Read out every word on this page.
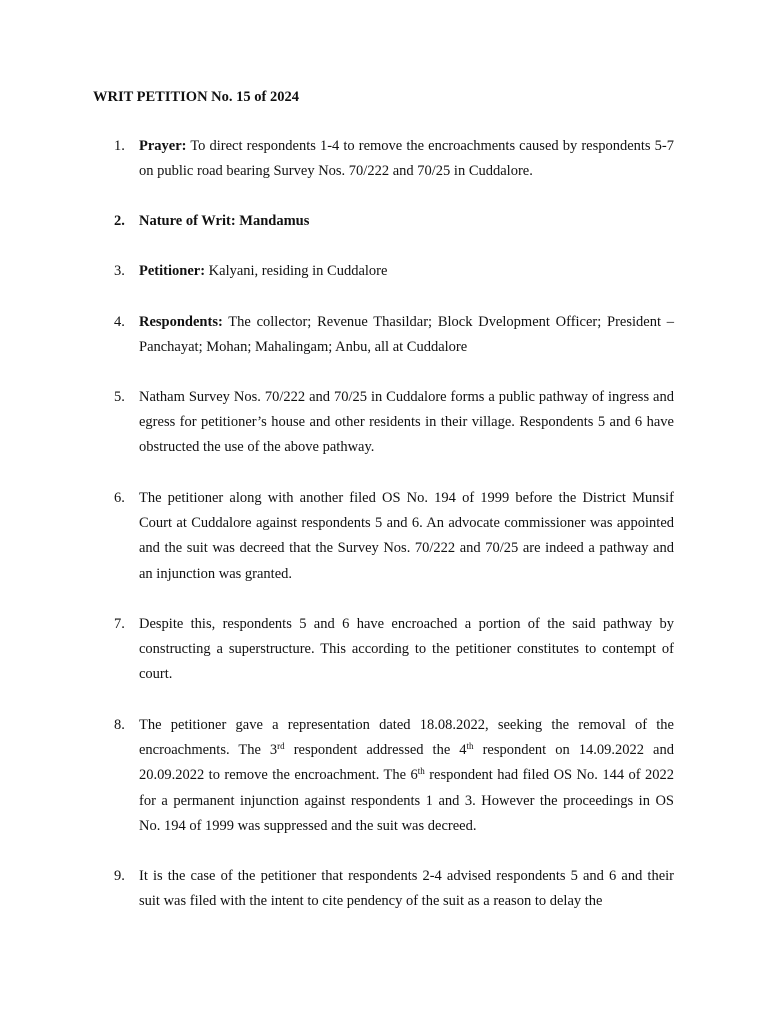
WRIT PETITION No. 15 of 2024
1. Prayer: To direct respondents 1-4 to remove the encroachments caused by respondents 5-7 on public road bearing Survey Nos. 70/222 and 70/25 in Cuddalore.
2. Nature of Writ: Mandamus
3. Petitioner: Kalyani, residing in Cuddalore
4. Respondents: The collector; Revenue Thasildar; Block Dvelopment Officer; President – Panchayat; Mohan; Mahalingam; Anbu, all at Cuddalore
5. Natham Survey Nos. 70/222 and 70/25 in Cuddalore forms a public pathway of ingress and egress for petitioner’s house and other residents in their village. Respondents 5 and 6 have obstructed the use of the above pathway.
6. The petitioner along with another filed OS No. 194 of 1999 before the District Munsif Court at Cuddalore against respondents 5 and 6. An advocate commissioner was appointed and the suit was decreed that the Survey Nos. 70/222 and 70/25 are indeed a pathway and an injunction was granted.
7. Despite this, respondents 5 and 6 have encroached a portion of the said pathway by constructing a superstructure. This according to the petitioner constitutes to contempt of court.
8. The petitioner gave a representation dated 18.08.2022, seeking the removal of the encroachments. The 3rd respondent addressed the 4th respondent on 14.09.2022 and 20.09.2022 to remove the encroachment. The 6th respondent had filed OS No. 144 of 2022 for a permanent injunction against respondents 1 and 3. However the proceedings in OS No. 194 of 1999 was suppressed and the suit was decreed.
9. It is the case of the petitioner that respondents 2-4 advised respondents 5 and 6 and their suit was filed with the intent to cite pendency of the suit as a reason to delay the
